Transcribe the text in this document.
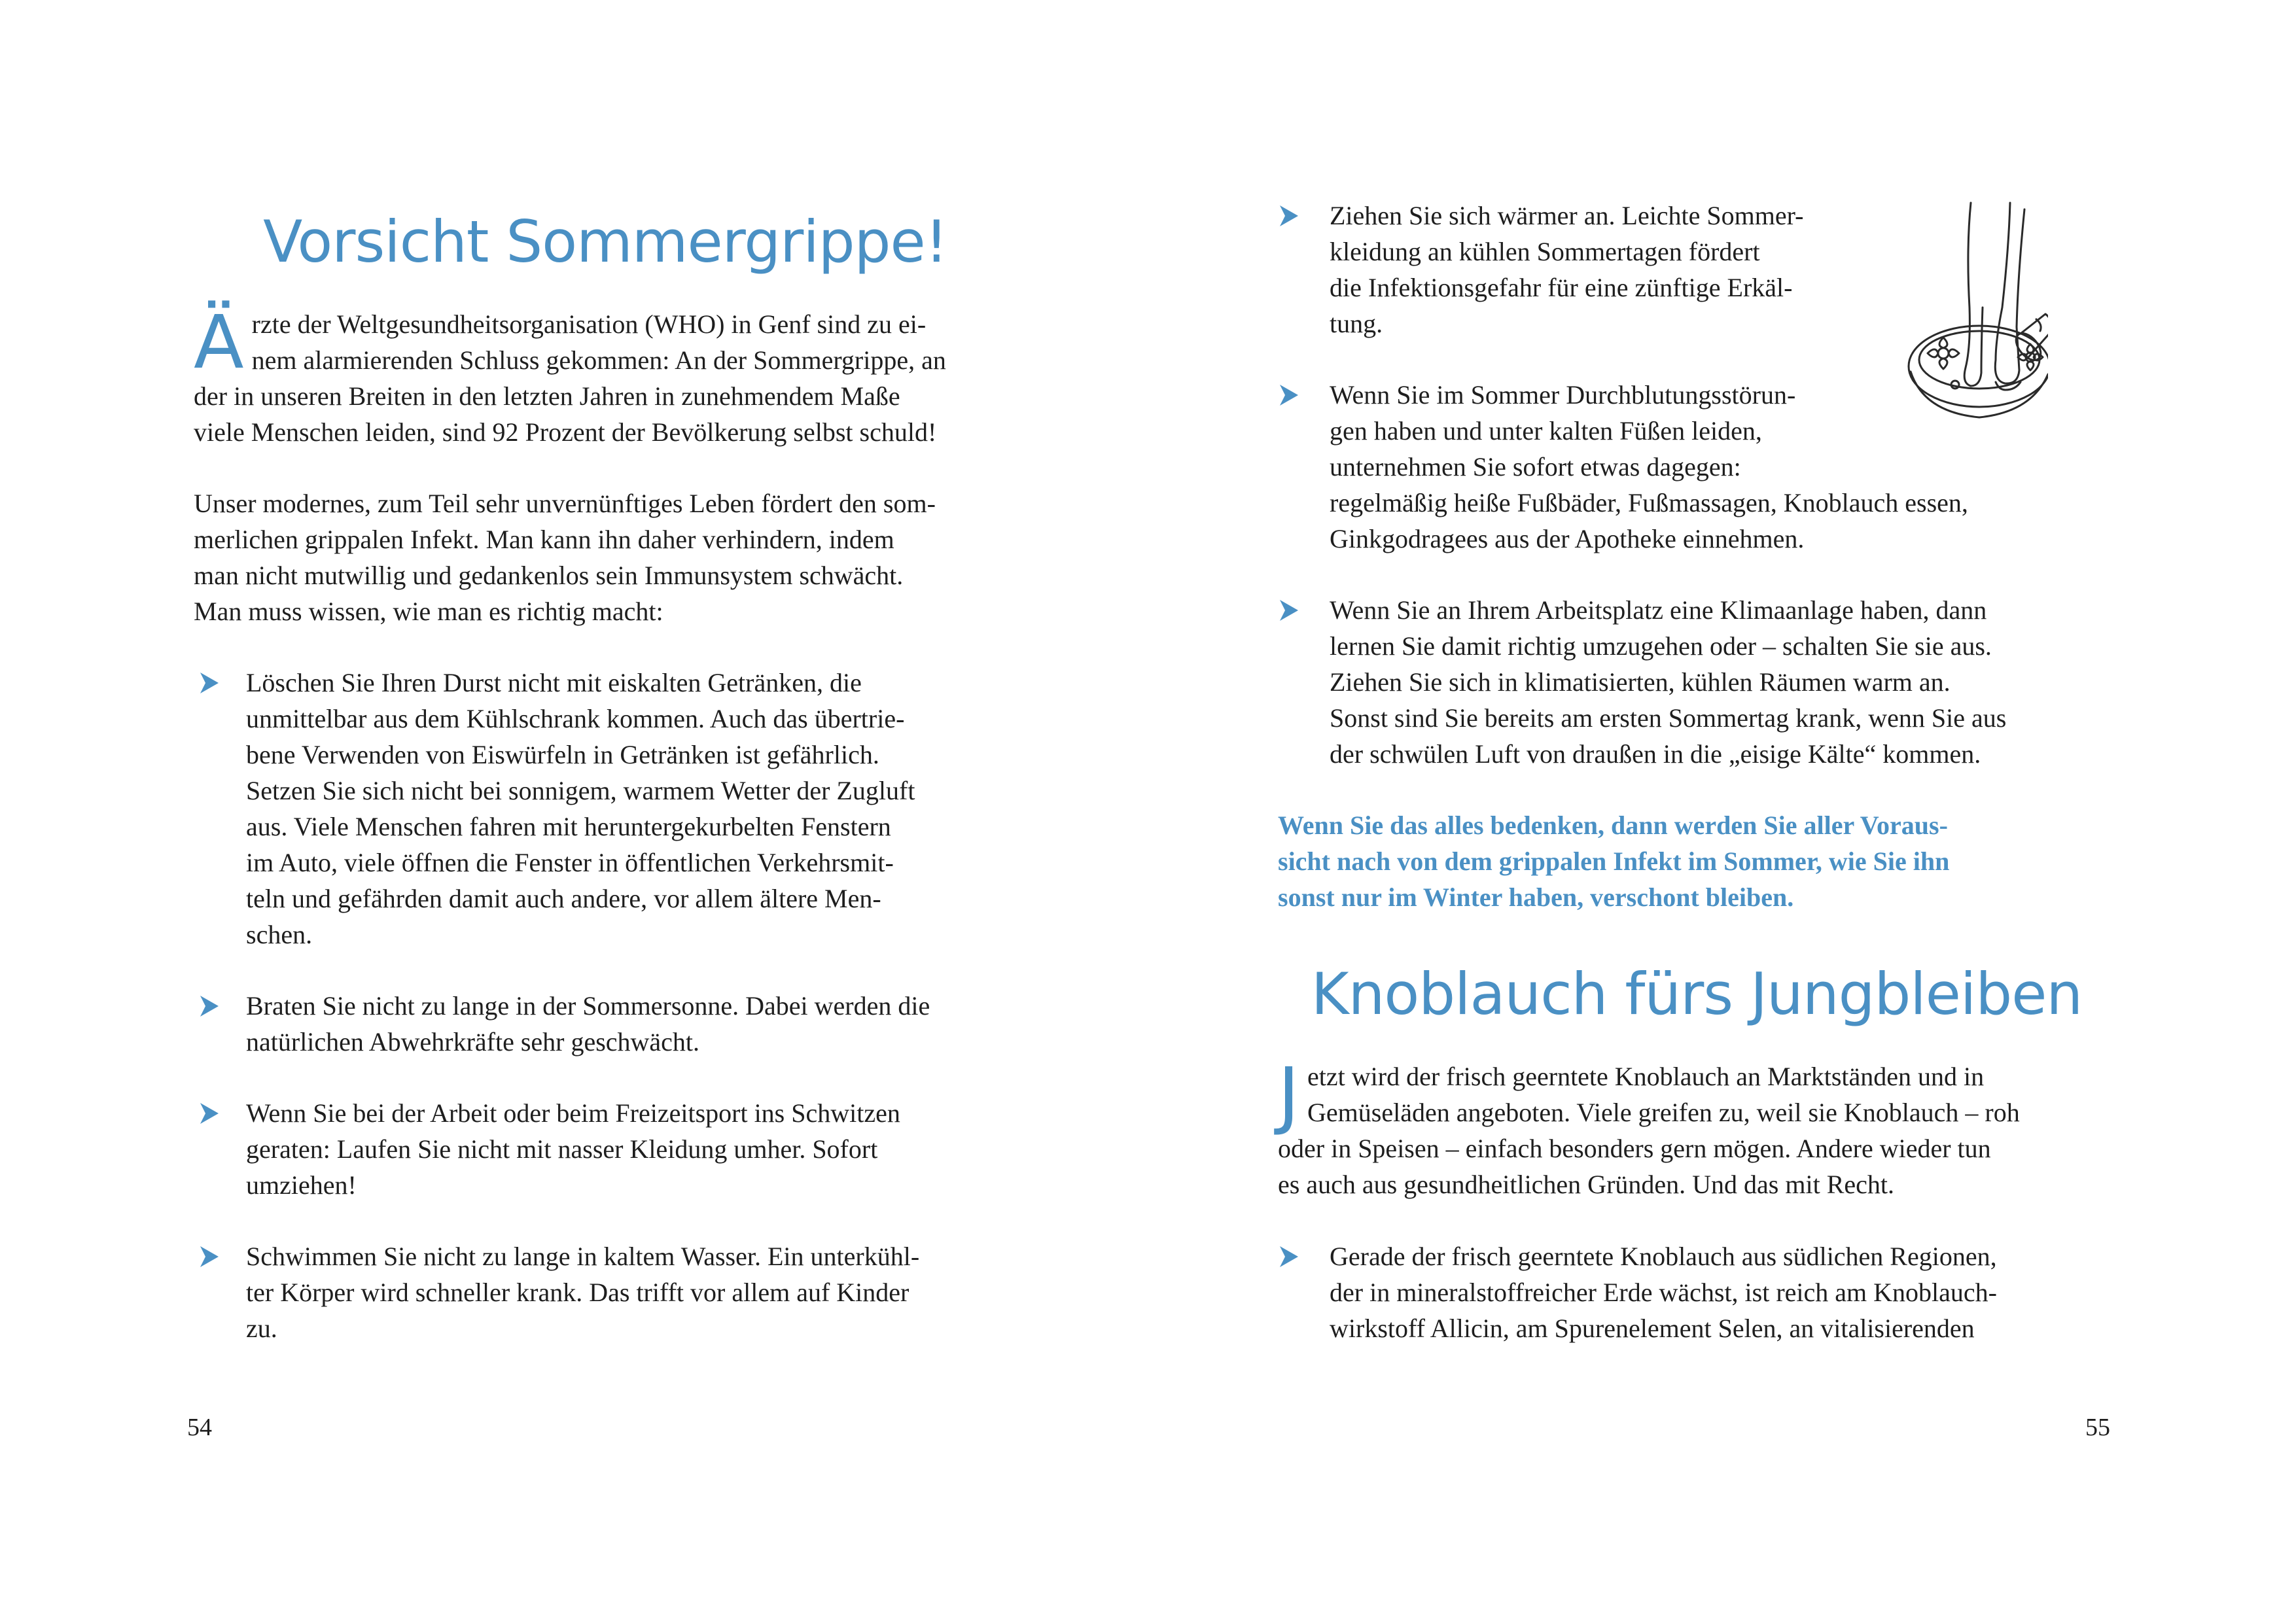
Vorsicht Sommergrippe!

Ä rzte der Weltgesundheitsorganisation (WHO) in Genf sind zu ei-
nem alarmierenden Schluss gekommen: An der Sommergrippe, an
der in unseren Breiten in den letzten Jahren in zunehmendem Maße
viele Menschen leiden, sind 92 Prozent der Bevölkerung selbst schuld!

Unser modernes, zum Teil sehr unvernünftiges Leben fördert den som-
merlichen grippalen Infekt. Man kann ihn daher verhindern, indem
man nicht mutwillig und gedankenlos sein Immunsystem schwächt.
Man muss wissen, wie man es richtig macht:

Löschen Sie Ihren Durst nicht mit eiskalten Getränken, die
unmittelbar aus dem Kühlschrank kommen. Auch das übertrie-
bene Verwenden von Eiswürfeln in Getränken ist gefährlich.
Setzen Sie sich nicht bei sonnigem, warmem Wetter der Zugluft
aus. Viele Menschen fahren mit heruntergekurbelten Fenstern
im Auto, viele öffnen die Fenster in öffentlichen Verkehrsmit-
teln und gefährden damit auch andere, vor allem ältere Men-
schen.

Braten Sie nicht zu lange in der Sommersonne. Dabei werden die
natürlichen Abwehrkräfte sehr geschwächt.

Wenn Sie bei der Arbeit oder beim Freizeitsport ins Schwitzen
geraten: Laufen Sie nicht mit nasser Kleidung umher. Sofort
umziehen!

Schwimmen Sie nicht zu lange in kaltem Wasser. Ein unterkühl-
ter Körper wird schneller krank. Das trifft vor allem auf Kinder
zu.

54

Ziehen Sie sich wärmer an. Leichte Sommer-
kleidung an kühlen Sommertagen fördert
die Infektionsgefahr für eine zünftige Erkäl-
tung.

Wenn Sie im Sommer Durchblutungsstörun-
gen haben und unter kalten Füßen leiden,
unternehmen Sie sofort etwas dagegen:
regelmäßig heiße Fußbäder, Fußmassagen, Knoblauch essen,
Ginkgodragees aus der Apotheke einnehmen.

Wenn Sie an Ihrem Arbeitsplatz eine Klimaanlage haben, dann
lernen Sie damit richtig umzugehen oder – schalten Sie sie aus.
Ziehen Sie sich in klimatisierten, kühlen Räumen warm an.
Sonst sind Sie bereits am ersten Sommertag krank, wenn Sie aus
der schwülen Luft von draußen in die „eisige Kälte“ kommen.

Wenn Sie das alles bedenken, dann werden Sie aller Voraus-
sicht nach von dem grippalen Infekt im Sommer, wie Sie ihn
sonst nur im Winter haben, verschont bleiben.

Knoblauch fürs Jungbleiben

J etzt wird der frisch geerntete Knoblauch an Marktständen und in
Gemüseläden angeboten. Viele greifen zu, weil sie Knoblauch – roh
oder in Speisen – einfach besonders gern mögen. Andere wieder tun
es auch aus gesundheitlichen Gründen. Und das mit Recht.

Gerade der frisch geerntete Knoblauch aus südlichen Regionen,
der in mineralstoffreicher Erde wächst, ist reich am Knoblauch-
wirkstoff Allicin, am Spurenelement Selen, an vitalisierenden

55
